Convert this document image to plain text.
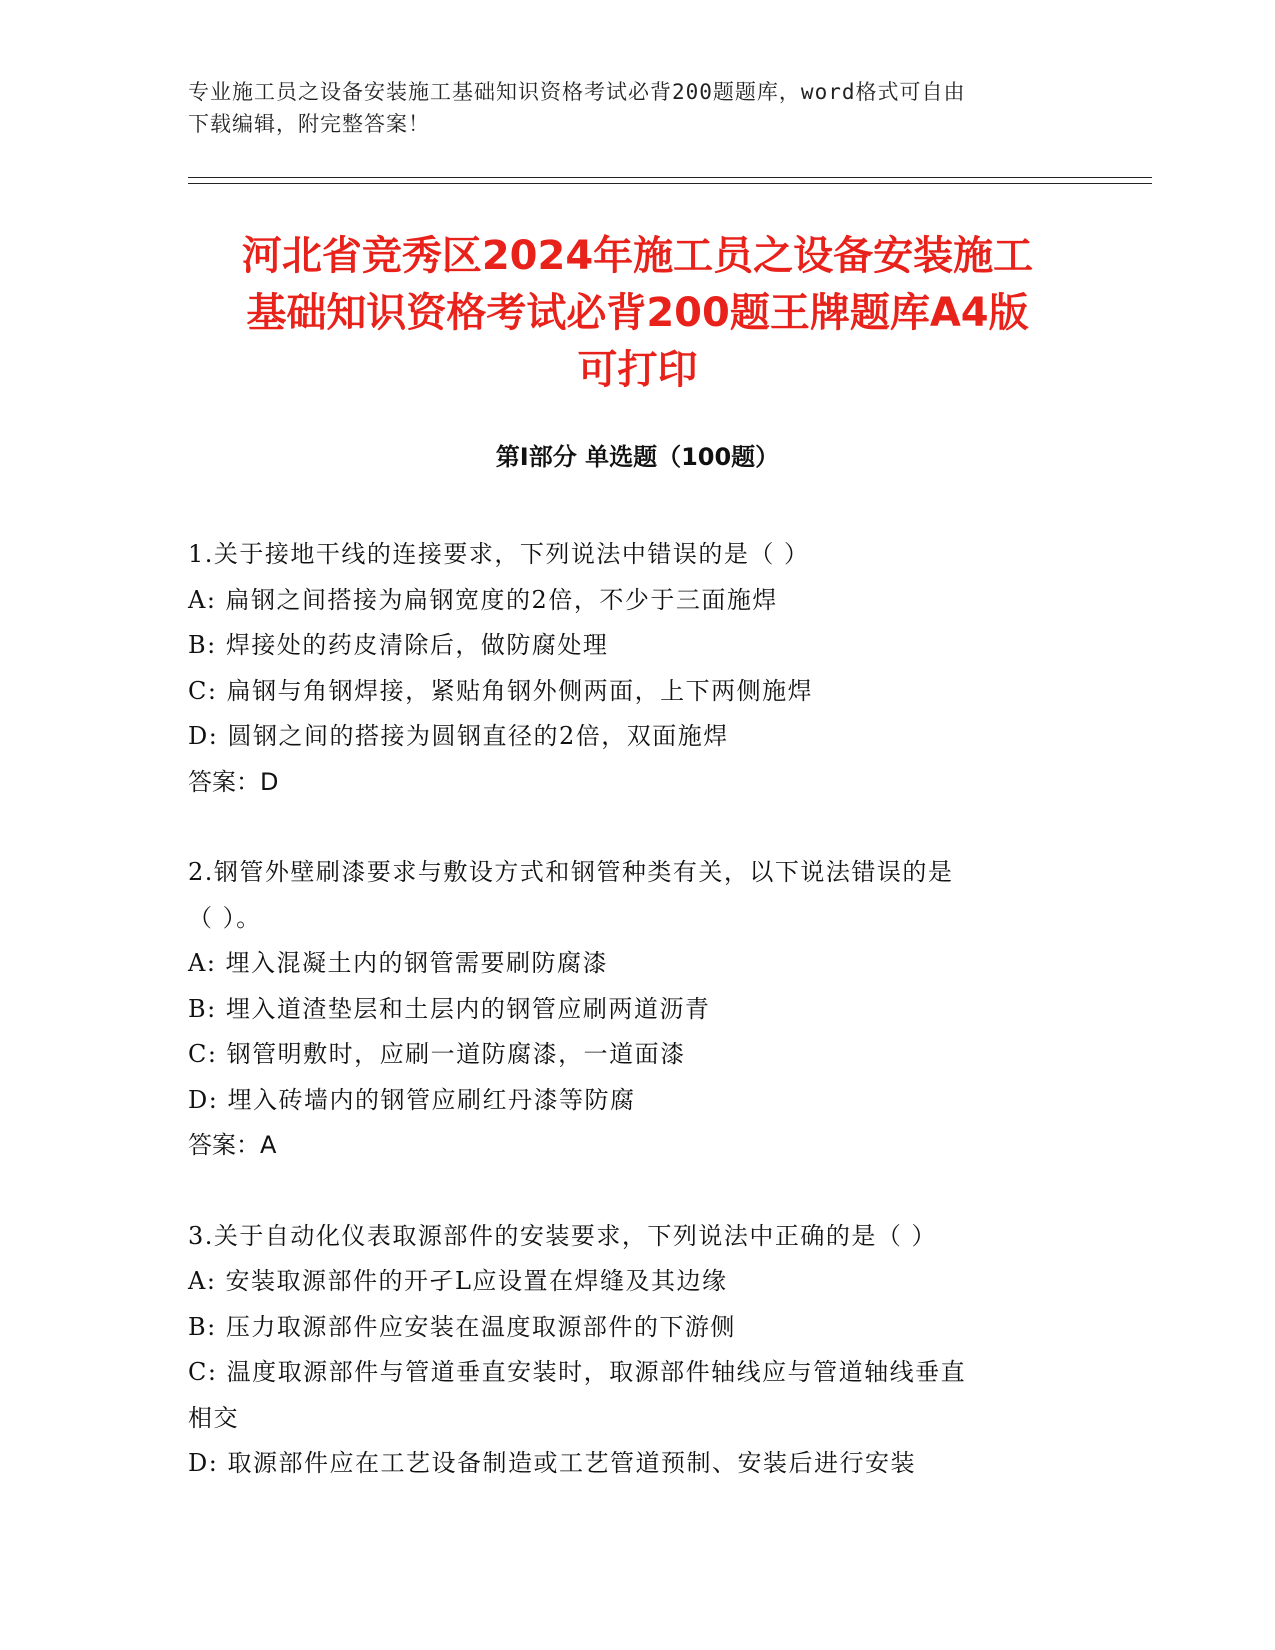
专业施工员之设备安装施工基础知识资格考试必背200题题库，word格式可自由
下载编辑，附完整答案！
河北省竞秀区2024年施工员之设备安装施工
基础知识资格考试必背200题王牌题库A4版
可打印
第Ⅰ部分 单选题（100题）

1.关于接地干线的连接要求，下列说法中错误的是（ ）

A: 扁钢之间搭接为扁钢宽度的2倍，不少于三面施焊

B: 焊接处的药皮清除后，做防腐处理

C: 扁钢与角钢焊接，紧贴角钢外侧两面，上下两侧施焊

D: 圆钢之间的搭接为圆钢直径的2倍，双面施焊

答案：D

2.钢管外壁刷漆要求与敷设方式和钢管种类有关，以下说法错误的是

（ ）。

A: 埋入混凝土内的钢管需要刷防腐漆

B: 埋入道渣垫层和土层内的钢管应刷两道沥青

C: 钢管明敷时，应刷一道防腐漆，一道面漆

D: 埋入砖墙内的钢管应刷红丹漆等防腐

答案：A

3.关于自动化仪表取源部件的安装要求，下列说法中正确的是（ ）

A: 安装取源部件的开孑L应设置在焊缝及其边缘

B: 压力取源部件应安装在温度取源部件的下游侧

C: 温度取源部件与管道垂直安装时，取源部件轴线应与管道轴线垂直

相交

D: 取源部件应在工艺设备制造或工艺管道预制、安装后进行安装
